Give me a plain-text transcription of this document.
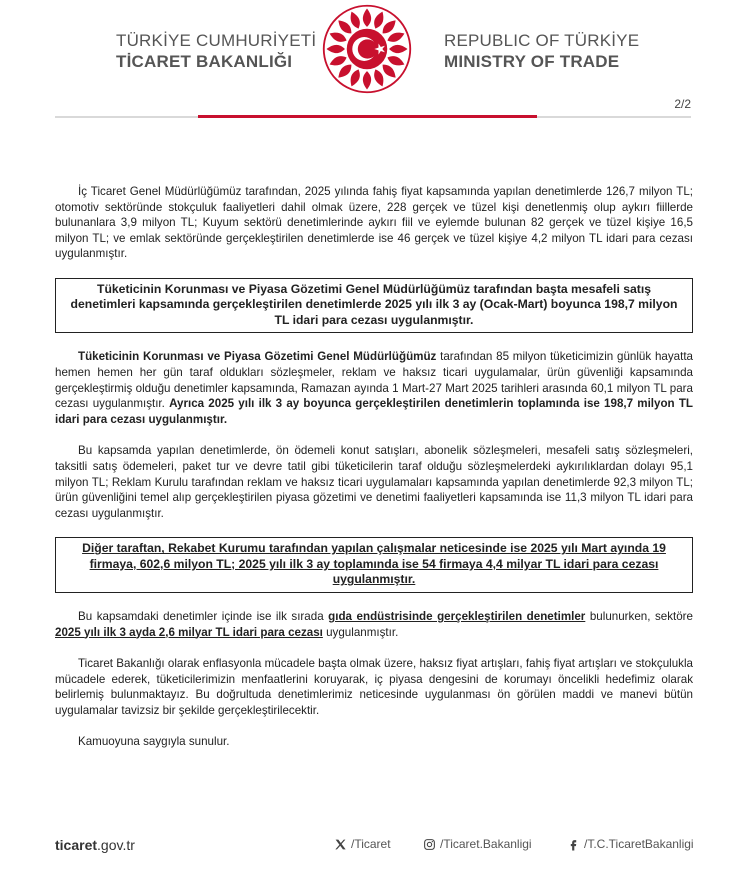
TÜRKİYE CUMHURİYETİ
TİCARET BAKANLIĞI
REPUBLIC OF TÜRKİYE
MINISTRY OF TRADE
2/2

İç Ticaret Genel Müdürlüğümüz tarafından, 2025 yılında fahiş fiyat kapsamında yapılan denetimlerde 126,7 milyon TL; otomotiv sektöründe stokçuluk faaliyetleri dahil olmak üzere, 228 gerçek ve tüzel kişi denetlenmiş olup aykırı fiillerde bulunanlara 3,9 milyon TL; Kuyum sektörü denetimlerinde aykırı fiil ve eylemde bulunan 82 gerçek ve tüzel kişiye 16,5 milyon TL; ve emlak sektöründe gerçekleştirilen denetimlerde ise 46 gerçek ve tüzel kişiye 4,2 milyon TL idari para cezası uygulanmıştır.

Tüketicinin Korunması ve Piyasa Gözetimi Genel Müdürlüğümüz tarafından başta mesafeli satış denetimleri kapsamında gerçekleştirilen denetimlerde 2025 yılı ilk 3 ay (Ocak-Mart) boyunca 198,7 milyon TL idari para cezası uygulanmıştır.

Tüketicinin Korunması ve Piyasa Gözetimi Genel Müdürlüğümüz tarafından 85 milyon tüketicimizin günlük hayatta hemen hemen her gün taraf oldukları sözleşmeler, reklam ve haksız ticari uygulamalar, ürün güvenliği kapsamında gerçekleştirmiş olduğu denetimler kapsamında, Ramazan ayında 1 Mart-27 Mart 2025 tarihleri arasında 60,1 milyon TL para cezası uygulanmıştır. Ayrıca 2025 yılı ilk 3 ay boyunca gerçekleştirilen denetimlerin toplamında ise 198,7 milyon TL idari para cezası uygulanmıştır.

Bu kapsamda yapılan denetimlerde, ön ödemeli konut satışları, abonelik sözleşmeleri, mesafeli satış sözleşmeleri, taksitli satış ödemeleri, paket tur ve devre tatil gibi tüketicilerin taraf olduğu sözleşmelerdeki aykırılıklardan dolayı 95,1 milyon TL; Reklam Kurulu tarafından reklam ve haksız ticari uygulamaları kapsamında yapılan denetimlerde 92,3 milyon TL; ürün güvenliğini temel alıp gerçekleştirilen piyasa gözetimi ve denetimi faaliyetleri kapsamında ise 11,3 milyon TL idari para cezası uygulanmıştır.

Diğer taraftan, Rekabet Kurumu tarafından yapılan çalışmalar neticesinde ise 2025 yılı Mart ayında 19 firmaya, 602,6 milyon TL; 2025 yılı ilk 3 ay toplamında ise 54 firmaya 4,4 milyar TL idari para cezası uygulanmıştır.

Bu kapsamdaki denetimler içinde ise ilk sırada gıda endüstrisinde gerçekleştirilen denetimler bulunurken, sektöre 2025 yılı ilk 3 ayda 2,6 milyar TL idari para cezası uygulanmıştır.

Ticaret Bakanlığı olarak enflasyonla mücadele başta olmak üzere, haksız fiyat artışları, fahiş fiyat artışları ve stokçulukla mücadele ederek, tüketicilerimizin menfaatlerini koruyarak, iç piyasa dengesini de korumayı öncelikli hedefimiz olarak belirlemiş bulunmaktayız. Bu doğrultuda denetimlerimiz neticesinde uygulanması ön görülen maddi ve manevi bütün uygulamalar tavizsiz bir şekilde gerçekleştirilecektir.

Kamuoyuna saygıyla sunulur.

ticaret.gov.tr	/Ticaret	/Ticaret.Bakanligi	/T.C.TicaretBakanligi
